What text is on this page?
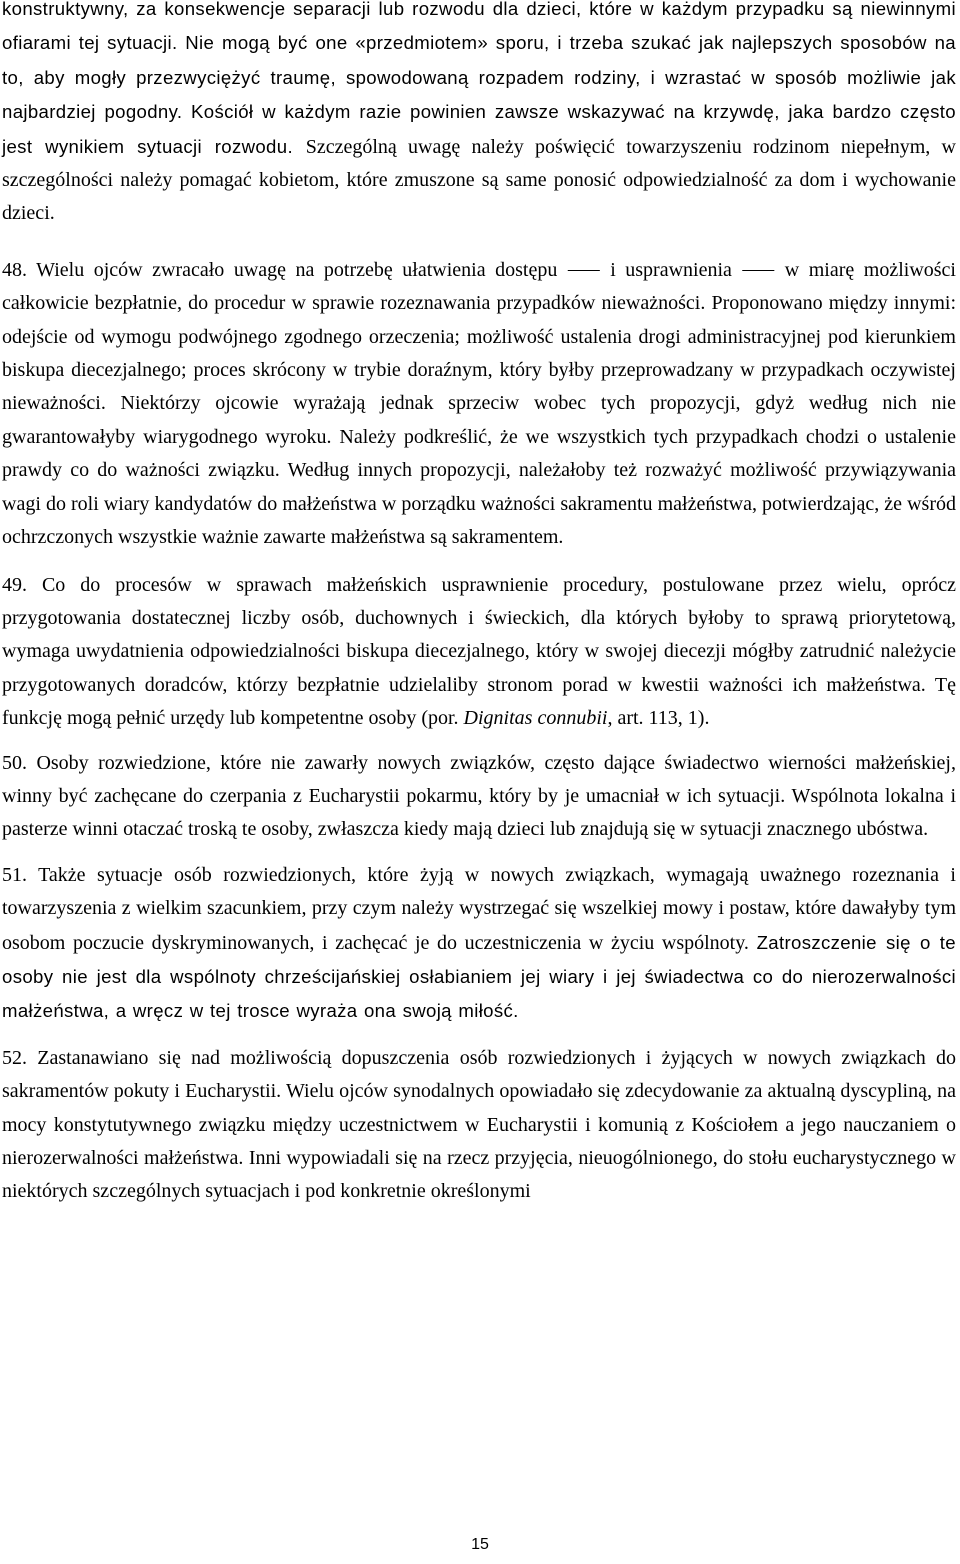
konstruktywny, za konsekwencje separacji lub rozwodu dla dzieci, które w każdym przypadku są niewinnymi ofiarami tej sytuacji. Nie mogą być one «przedmiotem» sporu, i trzeba szukać jak najlepszych sposobów na to, aby mogły przezwyciężyć traumę, spowodowaną rozpadem rodziny, i wzrastać w sposób możliwie jak najbardziej pogodny. Kościół w każdym razie powinien zawsze wskazywać na krzywdę, jaka bardzo często jest wynikiem sytuacji rozwodu. Szczególną uwagę należy poświęcić towarzyszeniu rodzinom niepełnym, w szczególności należy pomagać kobietom, które zmuszone są same ponosić odpowiedzialność za dom i wychowanie dzieci.

48. Wielu ojców zwracało uwagę na potrzebę ułatwienia dostępu ⸺ i usprawnienia ⸺ w miarę możliwości całkowicie bezpłatnie, do procedur w sprawie rozeznawania przypadków nieważności. Proponowano między innymi: odejście od wymogu podwójnego zgodnego orzeczenia; możliwość ustalenia drogi administracyjnej pod kierunkiem biskupa diecezjalnego; proces skrócony w trybie doraźnym, który byłby przeprowadzany w przypadkach oczywistej nieważności. Niektórzy ojcowie wyrażają jednak sprzeciw wobec tych propozycji, gdyż według nich nie gwarantowałyby wiarygodnego wyroku. Należy podkreślić, że we wszystkich tych przypadkach chodzi o ustalenie prawdy co do ważności związku. Według innych propozycji, należałoby też rozważyć możliwość przywiązywania wagi do roli wiary kandydatów do małżeństwa w porządku ważności sakramentu małżeństwa, potwierdzając, że wśród ochrzczonych wszystkie ważnie zawarte małżeństwa są sakramentem.

49. Co do procesów w sprawach małżeńskich usprawnienie procedury, postulowane przez wielu, oprócz przygotowania dostatecznej liczby osób, duchownych i świeckich, dla których byłoby to sprawą priorytetową, wymaga uwydatnienia odpowiedzialności biskupa diecezjalnego, który w swojej diecezji mógłby zatrudnić należycie przygotowanych doradców, którzy bezpłatnie udzielaliby stronom porad w kwestii ważności ich małżeństwa. Tę funkcję mogą pełnić urzędy lub kompetentne osoby (por. Dignitas connubii, art. 113, 1).

50. Osoby rozwiedzione, które nie zawarły nowych związków, często dające świadectwo wierności małżeńskiej, winny być zachęcane do czerpania z Eucharystii pokarmu, który by je umacniał w ich sytuacji. Wspólnota lokalna i pasterze winni otaczać troską te osoby, zwłaszcza kiedy mają dzieci lub znajdują się w sytuacji znacznego ubóstwa.

51. Także sytuacje osób rozwiedzionych, które żyją w nowych związkach, wymagają uważnego rozeznania i towarzyszenia z wielkim szacunkiem, przy czym należy wystrzegać się wszelkiej mowy i postaw, które dawałyby tym osobom poczucie dyskryminowanych, i zachęcać je do uczestniczenia w życiu wspólnoty. Zatroszczenie się o te osoby nie jest dla wspólnoty chrześcijańskiej osłabianiem jej wiary i jej świadectwa co do nierozerwalności małżeństwa, a wręcz w tej trosce wyraża ona swoją miłość.

52. Zastanawiano się nad możliwością dopuszczenia osób rozwiedzionych i żyjących w nowych związkach do sakramentów pokuty i Eucharystii. Wielu ojców synodalnych opowiadało się zdecydowanie za aktualną dyscypliną, na mocy konstytutywnego związku między uczestnictwem w Eucharystii i komunią z Kościołem a jego nauczaniem o nierozerwalności małżeństwa. Inni wypowiadali się na rzecz przyjęcia, nieuogólnionego, do stołu eucharystycznego w niektórych szczególnych sytuacjach i pod konkretnie określonymi

15
